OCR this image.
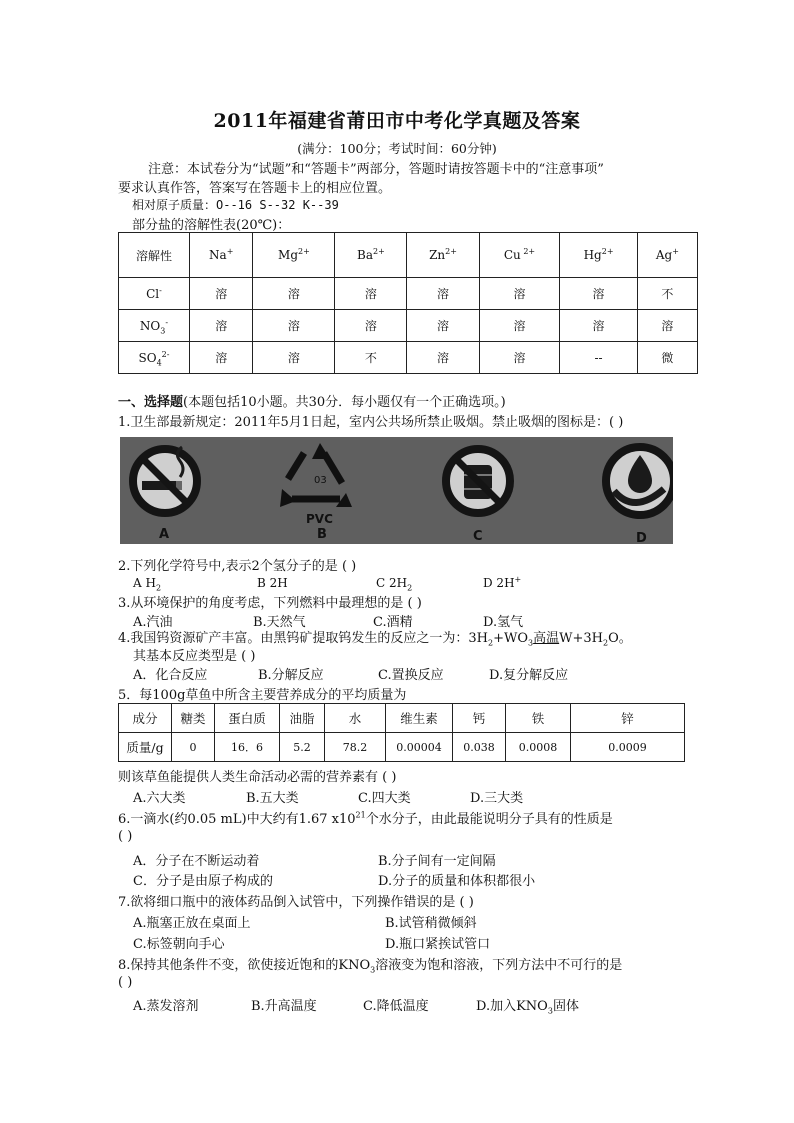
2011年福建省莆田市中考化学真题及答案
(满分：100分；考试时间：60分钟)
注意：本试卷分为“试题”和“答题卡”两部分，答题时请按答题卡中的“注意事项”
要求认真作答，答案写在答题卡上的相应位置。
相对原子质量：O--16 S--32 K--39
部分盐的溶解性表(20℃)：
溶解性	Na+	$Mg^{2+}$	$Ba^{2+}$	$Zn^{2+}$	Cu $^{2+}$	$Hg^{2+}$	Ag+
Cl-	溶	溶	溶	溶	溶	溶	不
$NO_3^-$	溶	溶	溶	溶	溶	溶	溶
$SO_4^{2-}$	溶	溶	不	溶	溶	--	微
一、选择题(本题包括10小题。共30分．每小题仅有一个正确选项。)
1.卫生部最新规定：2011年5月1日起，室内公共场所禁止吸烟。禁止吸烟的图标是：( )
A
03
PVC
B	C	D
2.下列化学符号中,表示2个氢分子的是 ( )
A $H_2$	B 2H	C $2H_2$	D 2H+
3.从环境保护的角度考虑，下列燃料中最理想的是 ( )
A.汽油	B.天然气	C.酒精	D.氢气
4.我国钨资源矿产丰富。由黑钨矿提取钨发生的反应之一为：$3H_2+WO_3$高温$W+3H_2O$。
其基本反应类型是 ( )
A．化合反应	B.分解反应	C.置换反应	D.复分解反应
5．每100g草鱼中所含主要营养成分的平均质量为
成分	糖类	蛋白质	油脂	水	维生素	钙	铁	锌
质量/g	0	16．6	5.2	78.2	0.00004	0.038	0.0008	0.0009
则该草鱼能提供人类生命活动必需的营养素有 ( )
A.六大类	B.五大类	C.四大类	D.三大类
6.一滴水(约0.05 mL)中大约有1.67 $x10^{21}$个水分子，由此最能说明分子具有的性质是
( )
A．分子在不断运动着	B.分子间有一定间隔
C．分子是由原子构成的	D.分子的质量和体积都很小
7.欲将细口瓶中的液体药品倒入试管中，下列操作错误的是 ( )
A.瓶塞正放在桌面上	B.试管稍微倾斜
C.标签朝向手心	D.瓶口紧挨试管口
8.保持其他条件不变，欲使接近饱和的$KNO_3$溶液变为饱和溶液，下列方法中不可行的是
( )
A.蒸发溶剂	B.升高温度	C.降低温度	D.加入$KNO_3$固体
